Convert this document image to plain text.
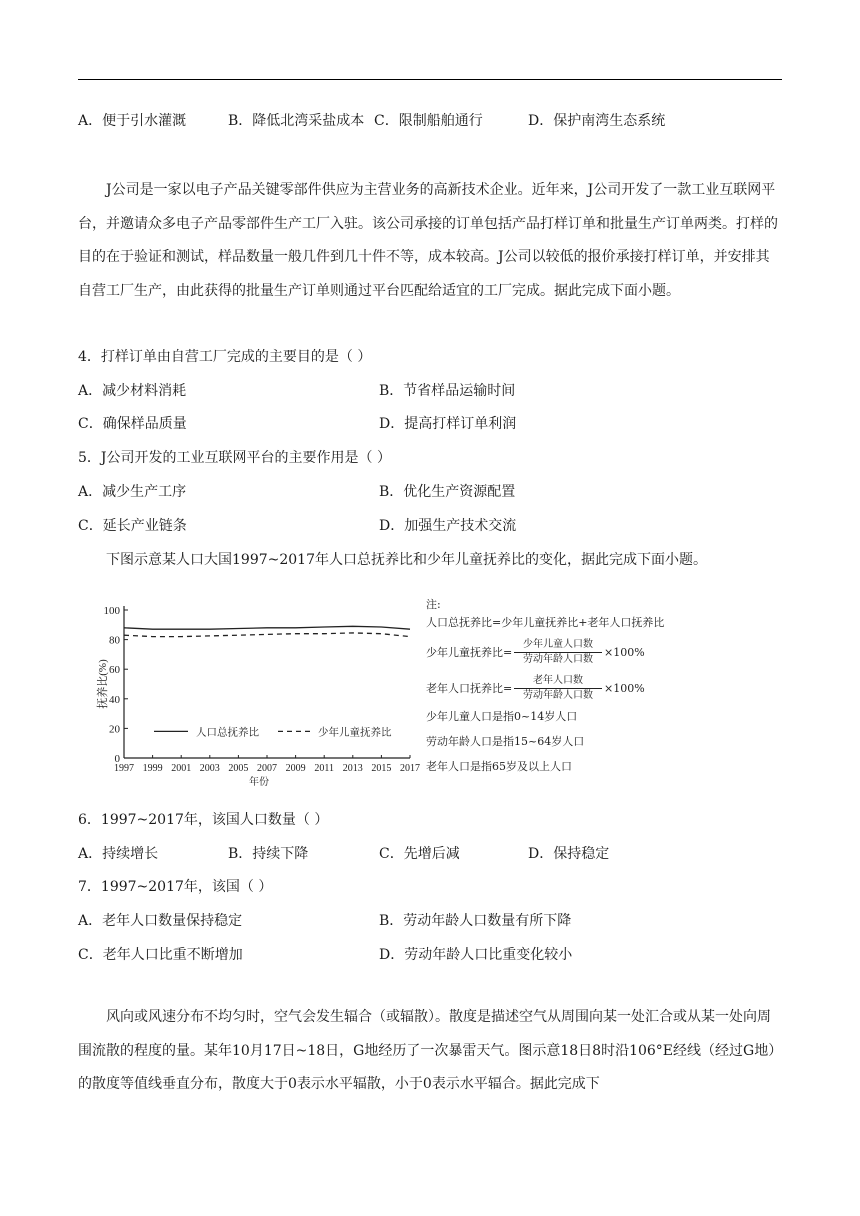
A．便于引水灌溉	B．降低北湾采盐成本 C．限制船舶通行	D．保护南湾生态系统
J公司是一家以电子产品关键零部件供应为主营业务的高新技术企业。近年来，J公司开发了一款工业互联网平台，并邀请众多电子产品零部件生产工厂入驻。该公司承接的订单包括产品打样订单和批量生产订单两类。打样的目的在于验证和测试，样品数量一般几件到几十件不等，成本较高。J公司以较低的报价承接打样订单，并安排其自营工厂生产，由此获得的批量生产订单则通过平台匹配给适宜的工厂完成。据此完成下面小题。
4．打样订单由自营工厂完成的主要目的是（ ）
A．减少材料消耗	B．节省样品运输时间
C．确保样品质量	D．提高打样订单利润
5．J公司开发的工业互联网平台的主要作用是（ ）
A．减少生产工序	B．优化生产资源配置
C．延长产业链条	D．加强生产技术交流
下图示意某人口大国1997~2017年人口总抚养比和少年儿童抚养比的变化，据此完成下面小题。
0
20
40
60
80
100
1997 1999 2001 2003 2005 2007 2009 2011 2013 2015 2017
抚养比(%)
年份
人口总抚养比	少年儿童抚养比
注:
人口总抚养比=少年儿童抚养比+老年人口抚养比
少年儿童抚养比=
少年儿童人口数
劳动年龄人口数
×100%
老年人口抚养比=
老年人口数
劳动年龄人口数
×100%
少年儿童人口是指0~14岁人口
劳动年龄人口是指15~64岁人口
老年人口是指65岁及以上人口
6．1997~2017年，该国人口数量（ ）
A．持续增长	B．持续下降	C．先增后减	D．保持稳定
7．1997~2017年，该国（ ）
A．老年人口数量保持稳定	B．劳动年龄人口数量有所下降
C．老年人口比重不断增加	D．劳动年龄人口比重变化较小
风向或风速分布不均匀时，空气会发生辐合（或辐散）。散度是描述空气从周围向某一处汇合或从某一处向周围流散的程度的量。某年10月17日~18日，G地经历了一次暴雷天气。图示意18日8时沿106°E经线（经过G地）的散度等值线垂直分布，散度大于0表示水平辐散，小于0表示水平辐合。据此完成下
